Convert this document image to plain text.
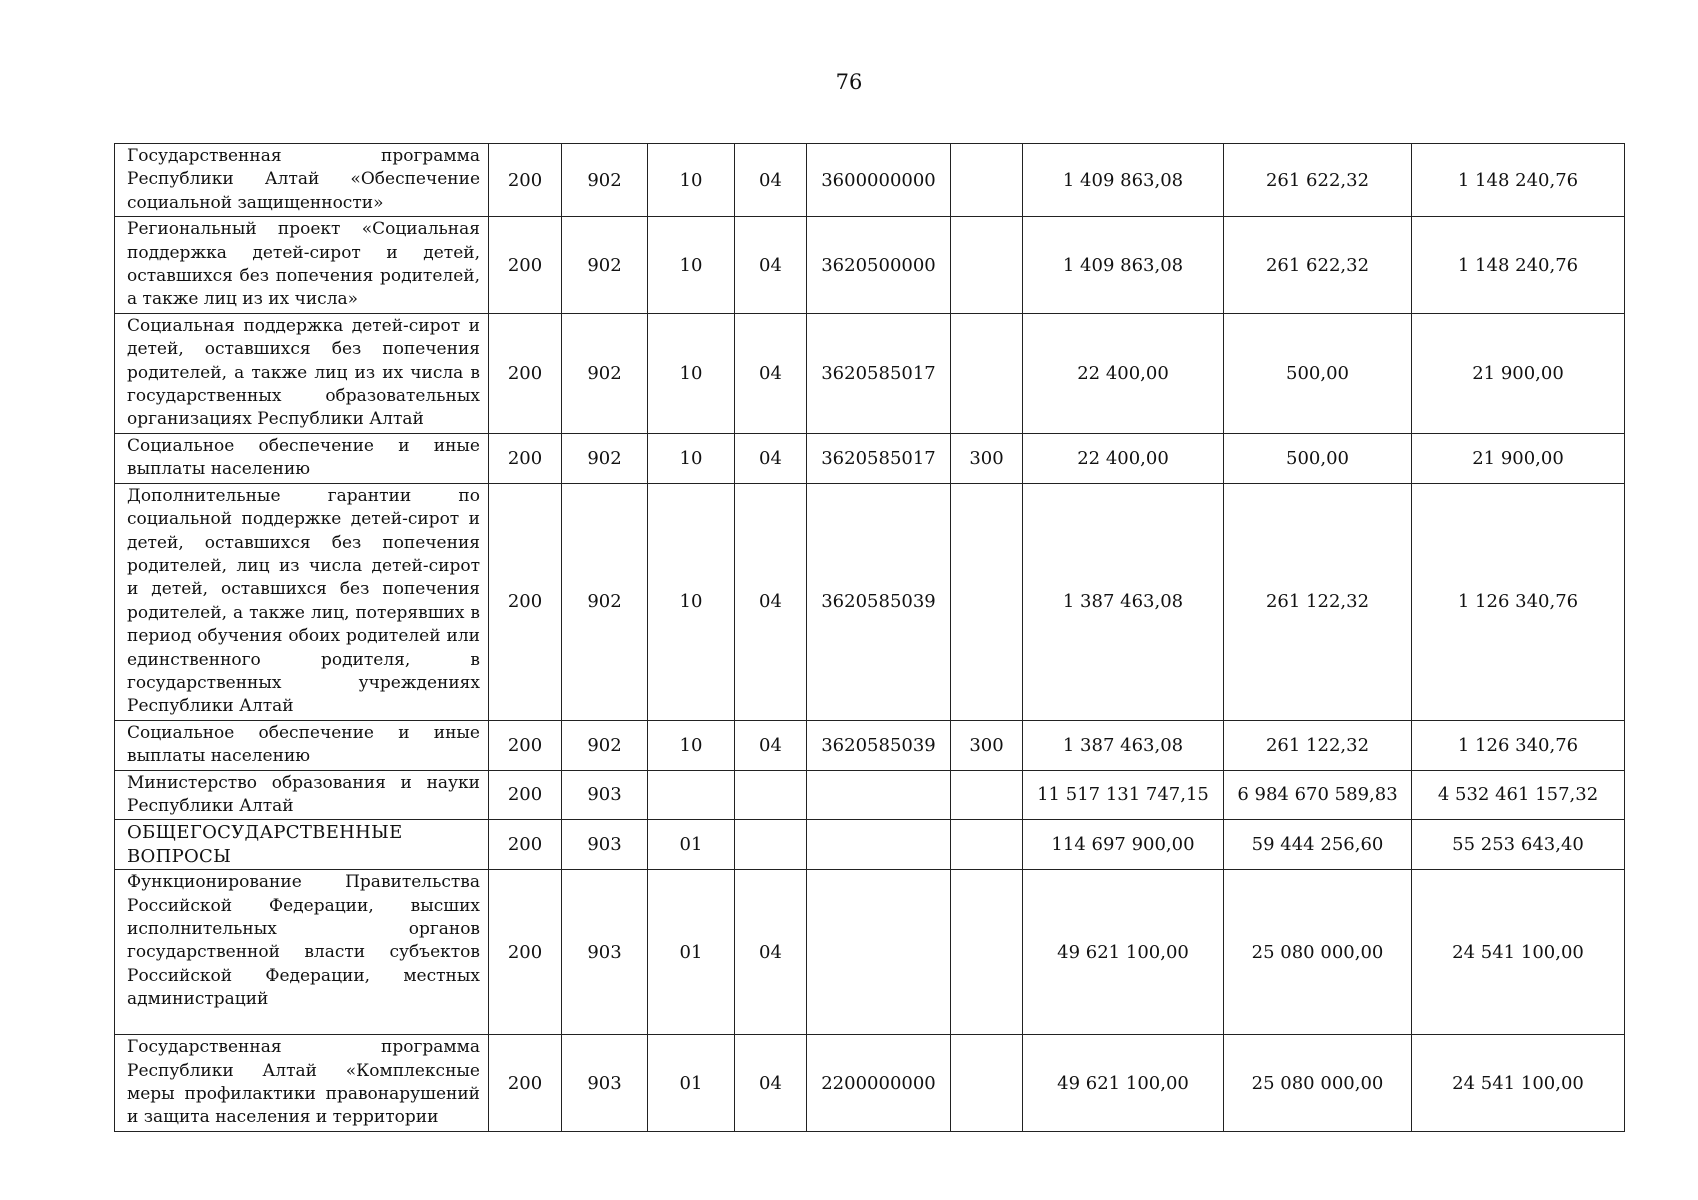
76
Государственная программа Республики Алтай «Обеспечение социальной защищенности»	200	902	10	04	3600000000		1 409 863,08	261 622,32	1 148 240,76
Региональный проект «Социальная поддержка детей-сирот и детей, оставшихся без попечения родителей, а также лиц из их числа»	200	902	10	04	3620500000		1 409 863,08	261 622,32	1 148 240,76
Социальная поддержка детей-сирот и детей, оставшихся без попечения родителей, а также лиц из их числа в государственных образовательных организациях Республики Алтай	200	902	10	04	3620585017		22 400,00	500,00	21 900,00
Социальное обеспечение и иные выплаты населению	200	902	10	04	3620585017	300	22 400,00	500,00	21 900,00
Дополнительные гарантии по социальной поддержке детей-сирот и детей, оставшихся без попечения родителей, лиц из числа детей-сирот и детей, оставшихся без попечения родителей, а также лиц, потерявших в период обучения обоих родителей или единственного родителя, в государственных учреждениях Республики Алтай	200	902	10	04	3620585039		1 387 463,08	261 122,32	1 126 340,76
Социальное обеспечение и иные выплаты населению	200	902	10	04	3620585039	300	1 387 463,08	261 122,32	1 126 340,76
Министерство образования и науки Республики Алтай	200	903					11 517 131 747,15	6 984 670 589,83	4 532 461 157,32
ОБЩЕГОСУДАРСТВЕННЫЕ ВОПРОСЫ	200	903	01				114 697 900,00	59 444 256,60	55 253 643,40
Функционирование Правительства Российской Федерации, высших исполнительных органов государственной власти субъектов Российской Федерации, местных администраций	200	903	01	04			49 621 100,00	25 080 000,00	24 541 100,00
Государственная программа Республики Алтай «Комплексные меры профилактики правонарушений и защита населения и территории	200	903	01	04	2200000000		49 621 100,00	25 080 000,00	24 541 100,00
